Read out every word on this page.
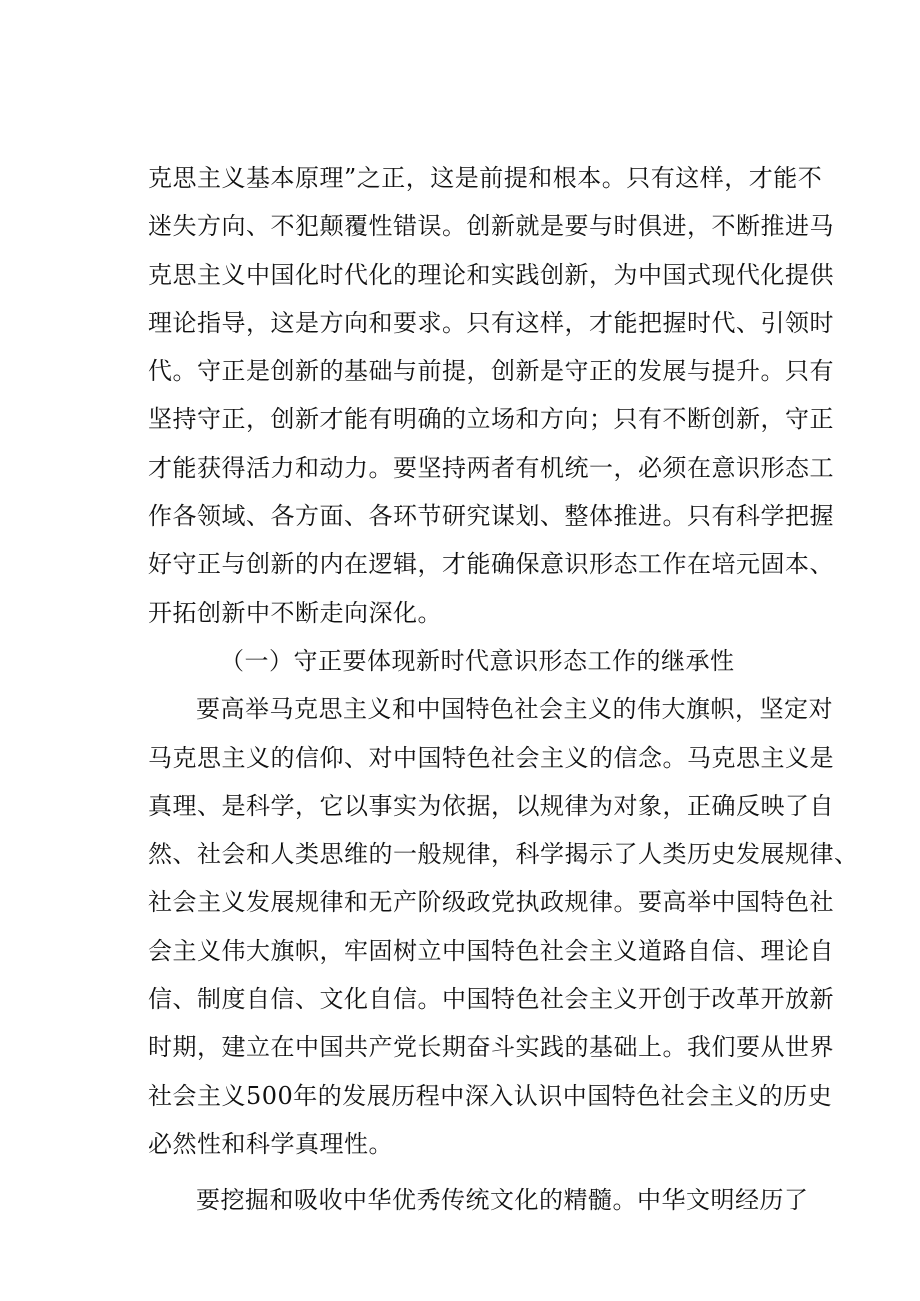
克思主义基本原理”之正，这是前提和根本。只有这样，才能不
迷失方向、不犯颠覆性错误。创新就是要与时俱进，不断推进马
克思主义中国化时代化的理论和实践创新，为中国式现代化提供
理论指导，这是方向和要求。只有这样，才能把握时代、引领时
代。守正是创新的基础与前提，创新是守正的发展与提升。只有
坚持守正，创新才能有明确的立场和方向；只有不断创新，守正
才能获得活力和动力。要坚持两者有机统一，必须在意识形态工
作各领域、各方面、各环节研究谋划、整体推进。只有科学把握
好守正与创新的内在逻辑，才能确保意识形态工作在培元固本、
开拓创新中不断走向深化。
（一）守正要体现新时代意识形态工作的继承性
要高举马克思主义和中国特色社会主义的伟大旗帜，坚定对
马克思主义的信仰、对中国特色社会主义的信念。马克思主义是
真理、是科学，它以事实为依据，以规律为对象，正确反映了自
然、社会和人类思维的一般规律，科学揭示了人类历史发展规律、
社会主义发展规律和无产阶级政党执政规律。要高举中国特色社
会主义伟大旗帜，牢固树立中国特色社会主义道路自信、理论自
信、制度自信、文化自信。中国特色社会主义开创于改革开放新
时期，建立在中国共产党长期奋斗实践的基础上。我们要从世界
社会主义500年的发展历程中深入认识中国特色社会主义的历史
必然性和科学真理性。
要挖掘和吸收中华优秀传统文化的精髓。中华文明经历了
